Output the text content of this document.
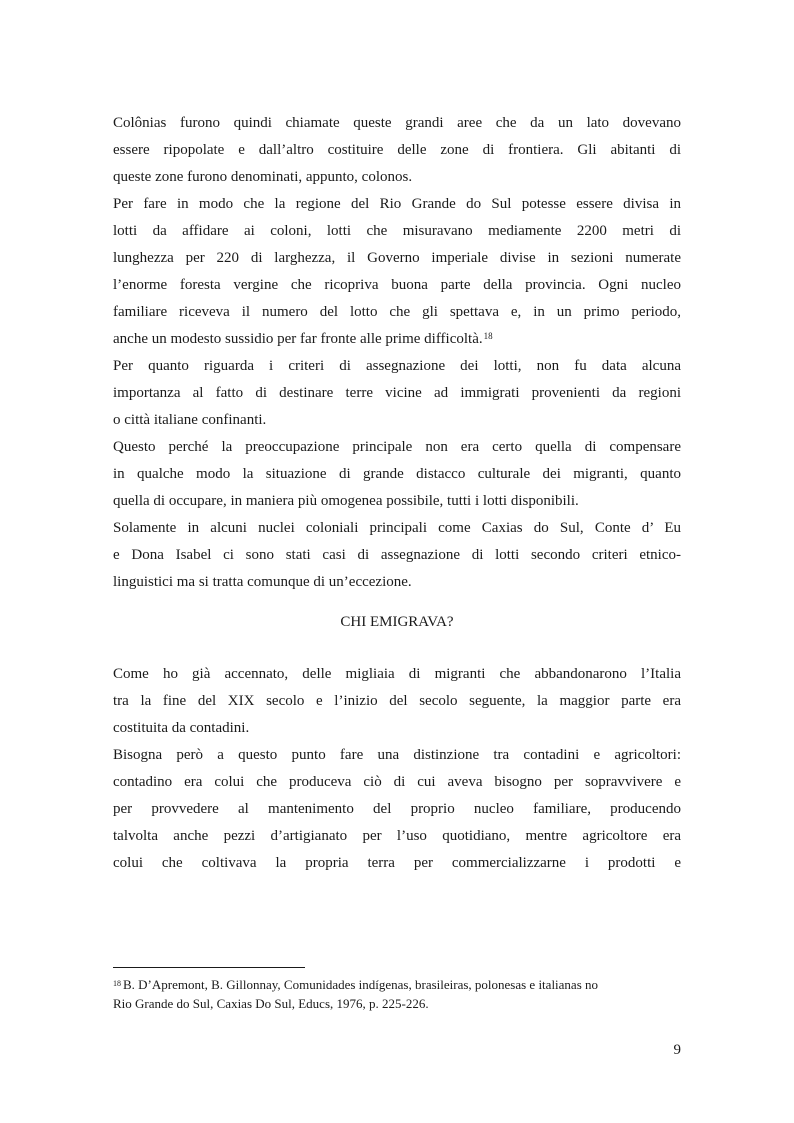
Colônias furono quindi chiamate queste grandi aree che da un lato dovevano
essere ripopolate e dall’altro costituire delle zone di frontiera. Gli abitanti di
queste zone furono denominati, appunto, colonos.
Per fare in modo che la regione del Rio Grande do Sul potesse essere divisa in
lotti da affidare ai coloni, lotti che misuravano mediamente 2200 metri di
lunghezza per 220 di larghezza, il Governo imperiale divise in sezioni numerate
l’enorme foresta vergine che ricopriva buona parte della provincia. Ogni nucleo
familiare riceveva il numero del lotto che gli spettava e, in un primo periodo,
anche un modesto sussidio per far fronte alle prime difficoltà.$^{18}$
Per quanto riguarda i criteri di assegnazione dei lotti, non fu data alcuna
importanza al fatto di destinare terre vicine ad immigrati provenienti da regioni
o città italiane confinanti.
Questo perché la preoccupazione principale non era certo quella di compensare
in qualche modo la situazione di grande distacco culturale dei migranti, quanto
quella di occupare, in maniera più omogenea possibile, tutti i lotti disponibili.
Solamente in alcuni nuclei coloniali principali come Caxias do Sul, Conte d’ Eu
e Dona Isabel ci sono stati casi di assegnazione di lotti secondo criteri etnico-
linguistici ma si tratta comunque di un’eccezione.
CHI EMIGRAVA?
Come ho già accennato, delle migliaia di migranti che abbandonarono l’Italia
tra la fine del XIX secolo e l’inizio del secolo seguente, la maggior parte era
costituita da contadini.
Bisogna però a questo punto fare una distinzione tra contadini e agricoltori:
contadino era colui che produceva ciò di cui aveva bisogno per sopravvivere e
per provvedere al mantenimento del proprio nucleo familiare, producendo
talvolta anche pezzi d’artigianato per l’uso quotidiano, mentre agricoltore era
colui che coltivava la propria terra per commercializzarne i prodotti e
$^{18}$ B. D’Apremont, B. Gillonnay, Comunidades indígenas, brasileiras, polonesas e italianas no
Rio Grande do Sul, Caxias Do Sul, Educs, 1976, p. 225-226.
9
